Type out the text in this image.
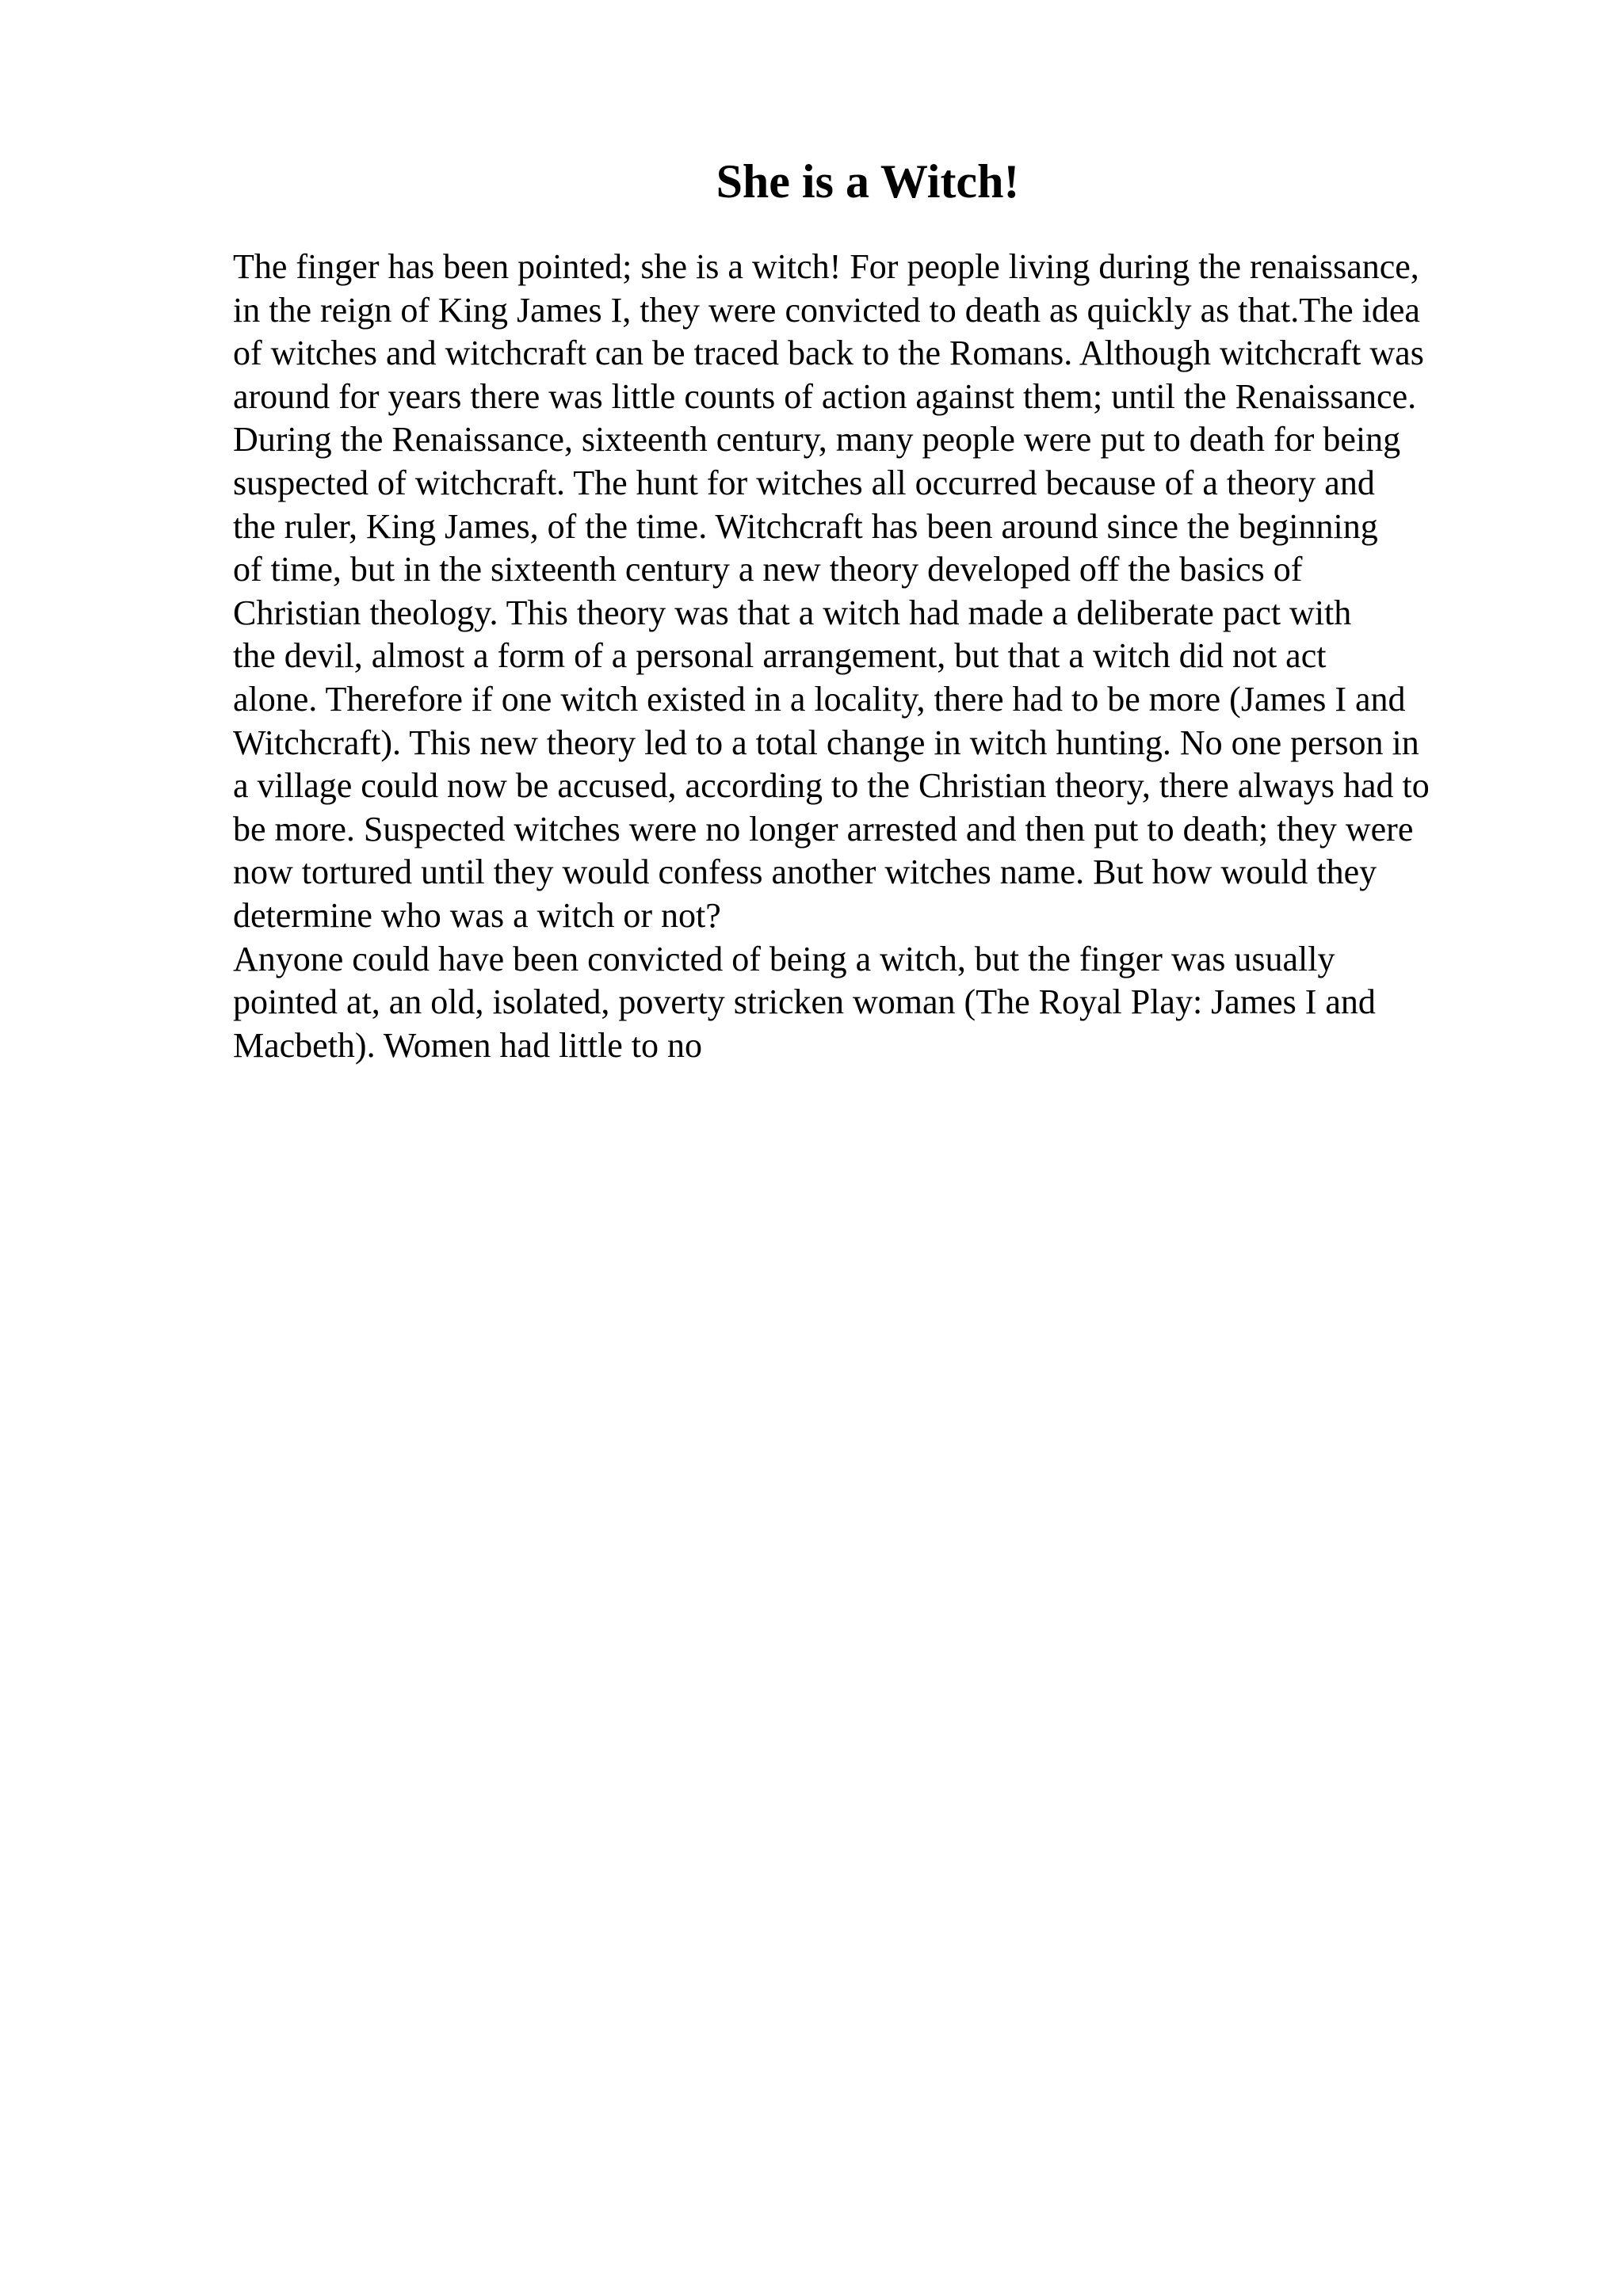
She is a Witch!
The finger has been pointed; she is a witch! For people living during the renaissance,
in the reign of King James I, they were convicted to death as quickly as that.The idea
of witches and witchcraft can be traced back to the Romans. Although witchcraft was
around for years there was little counts of action against them; until the Renaissance.
During the Renaissance, sixteenth century, many people were put to death for being
suspected of witchcraft. The hunt for witches all occurred because of a theory and
the ruler, King James, of the time. Witchcraft has been around since the beginning
of time, but in the sixteenth century a new theory developed off the basics of
Christian theology. This theory was that a witch had made a deliberate pact with
the devil, almost a form of a personal arrangement, but that a witch did not act
alone. Therefore if one witch existed in a locality, there had to be more (James I and
Witchcraft). This new theory led to a total change in witch hunting. No one person in
a village could now be accused, according to the Christian theory, there always had to
be more. Suspected witches were no longer arrested and then put to death; they were
now tortured until they would confess another witches name. But how would they
determine who was a witch or not?
Anyone could have been convicted of being a witch, but the finger was usually
pointed at, an old, isolated, poverty stricken woman (The Royal Play: James I and
Macbeth). Women had little to no
